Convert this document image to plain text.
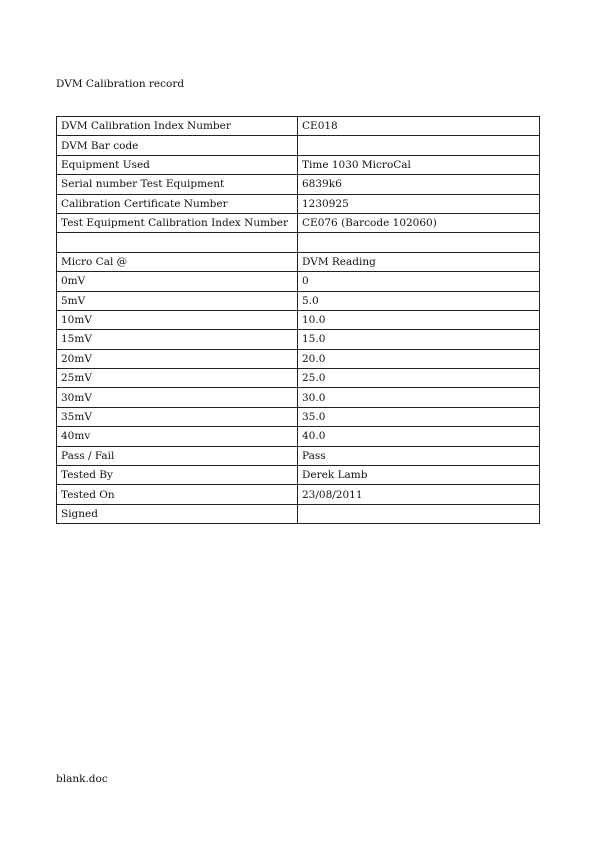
DVM Calibration record
DVM Calibration Index Number	CE018
DVM Bar code	
Equipment Used	Time 1030 MicroCal
Serial number Test Equipment	6839k6
Calibration Certificate Number	1230925
Test Equipment Calibration Index Number	CE076 (Barcode 102060)

Micro Cal @	DVM Reading
0mV	0
5mV	5.0
10mV	10.0
15mV	15.0
20mV	20.0
25mV	25.0
30mV	30.0
35mV	35.0
40mv	40.0
Pass / Fail	Pass
Tested By	Derek Lamb
Tested On	23/08/2011
Signed	
blank.doc
